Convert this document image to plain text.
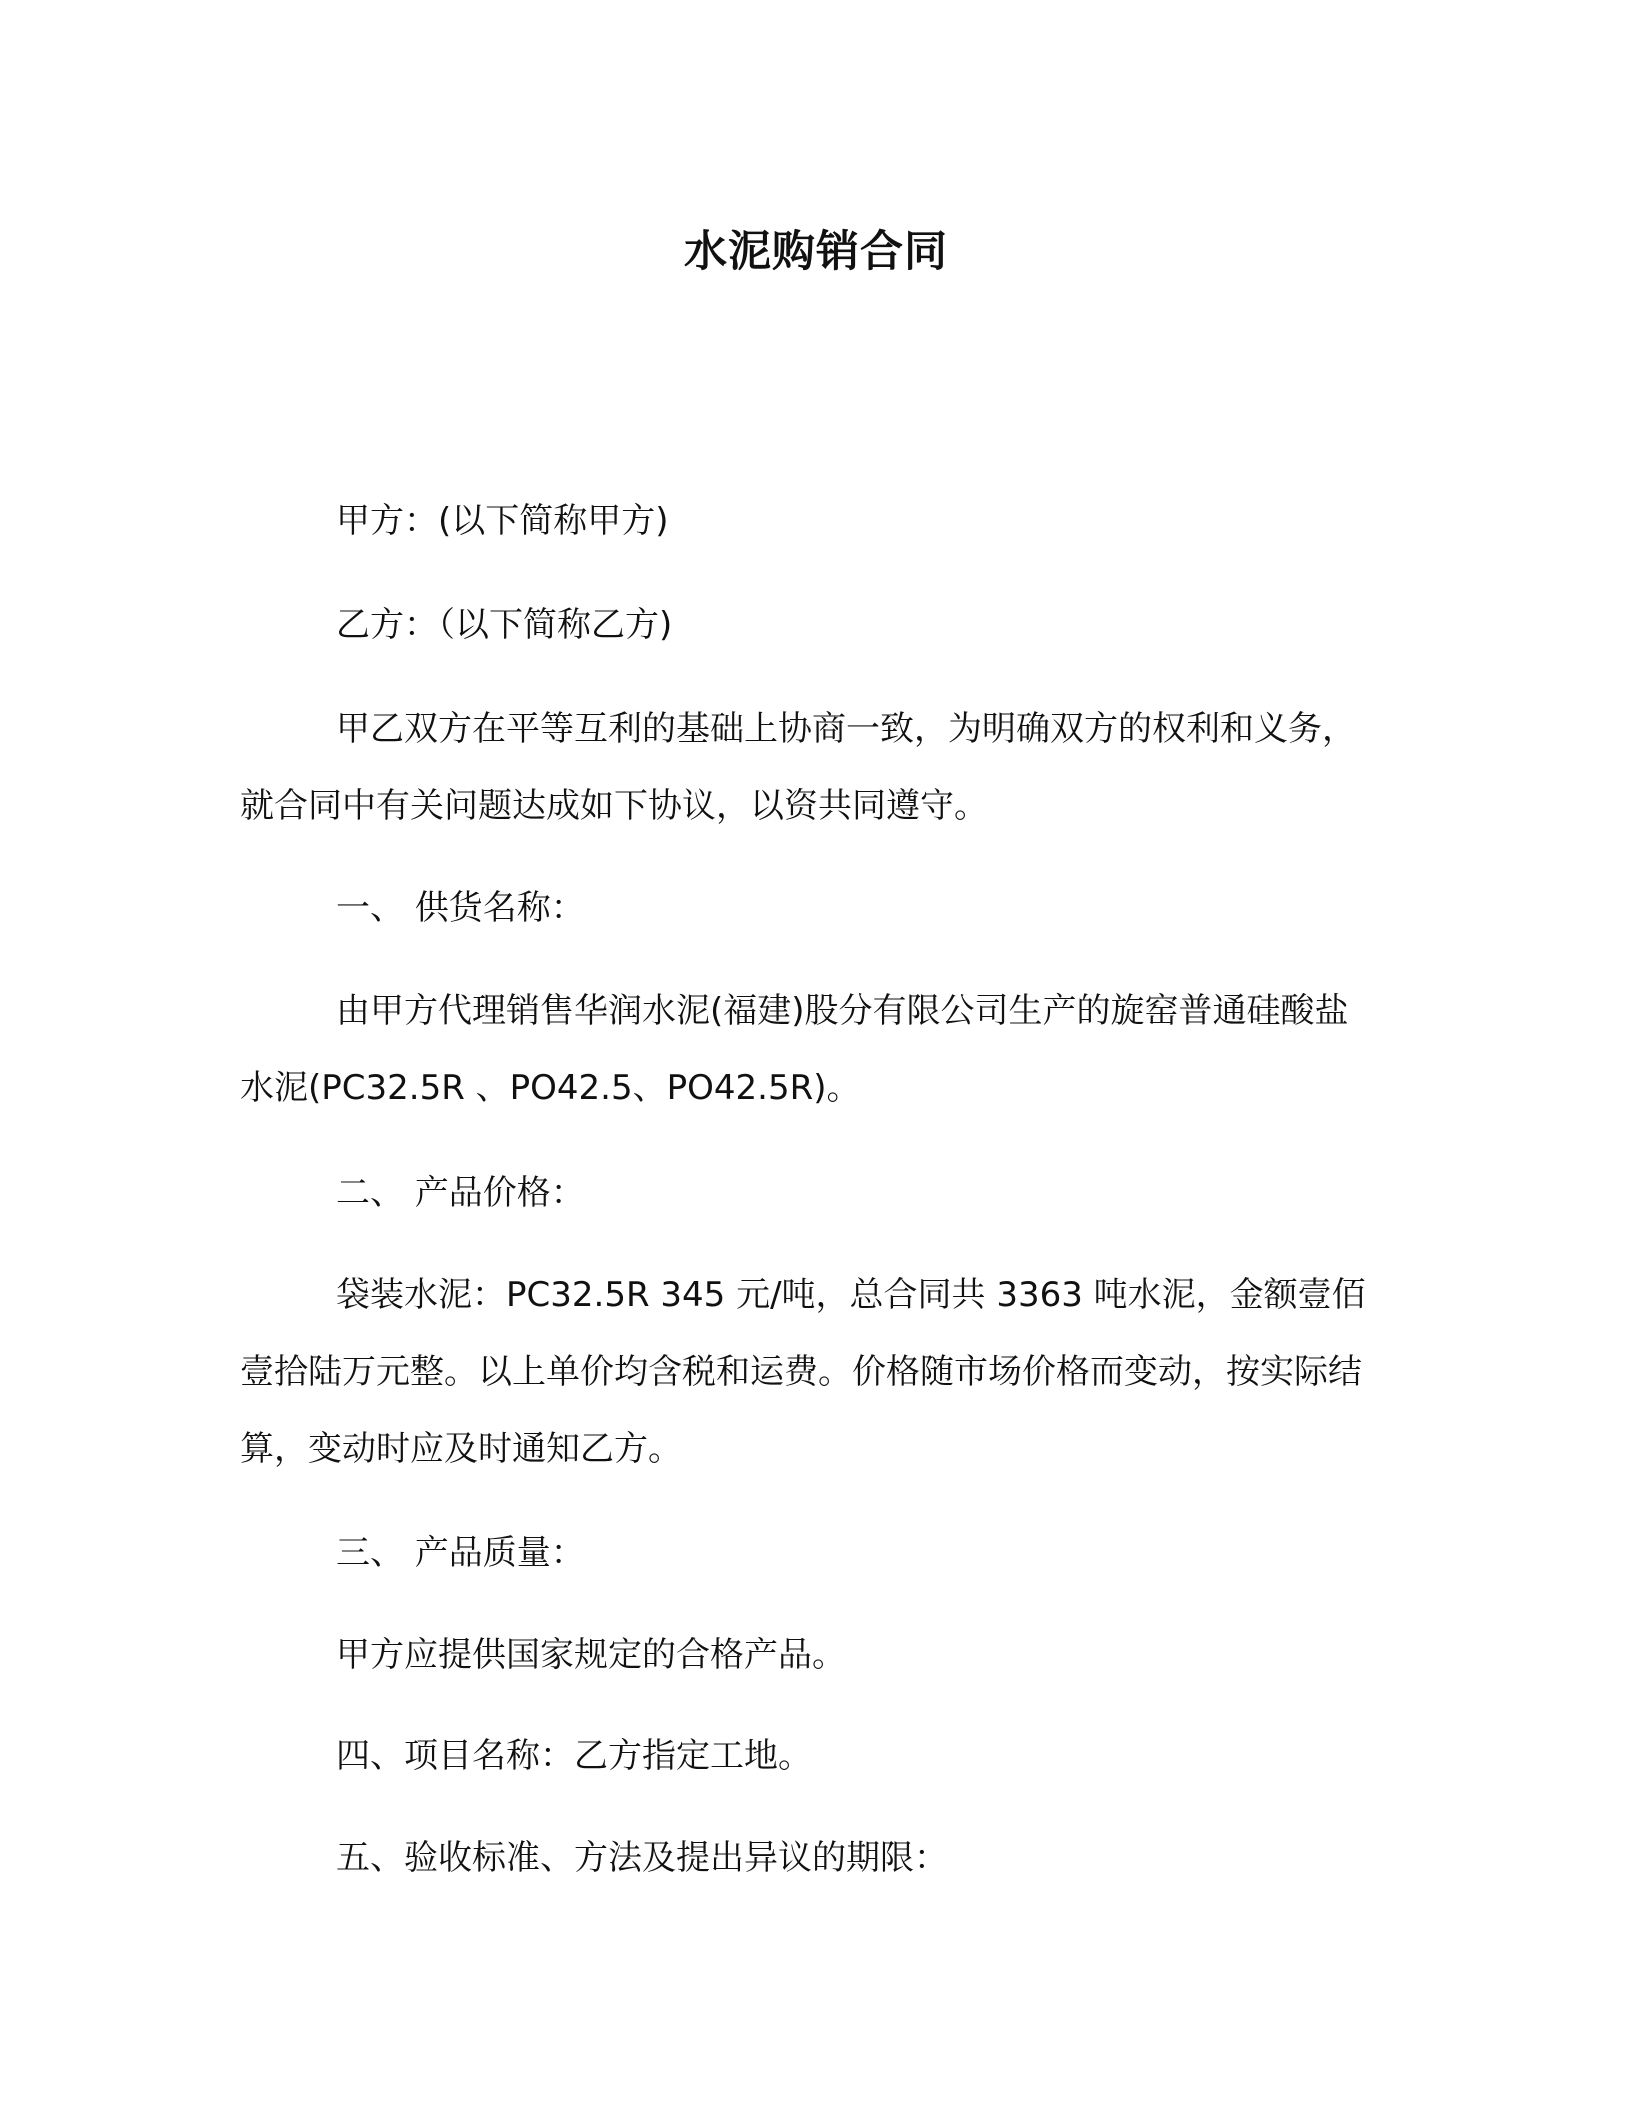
水泥购销合同

甲方：(以下简称甲方)

乙方：（以下简称乙方)

甲乙双方在平等互利的基础上协商一致，为明确双方的权利和义务，就合同中有关问题达成如下协议，以资共同遵守。

一、 供货名称：

由甲方代理销售华润水泥(福建)股分有限公司生产的旋窑普通硅酸盐水泥(PC32.5R 、PO42.5、PO42.5R)。

二、 产品价格：

袋装水泥：PC32.5R 345 元/吨，总合同共 3363 吨水泥，金额壹佰壹拾陆万元整。以上单价均含税和运费。价格随市场价格而变动，按实际结算，变动时应及时通知乙方。

三、 产品质量：

甲方应提供国家规定的合格产品。

四、项目名称：乙方指定工地。

五、验收标准、方法及提出异议的期限：
